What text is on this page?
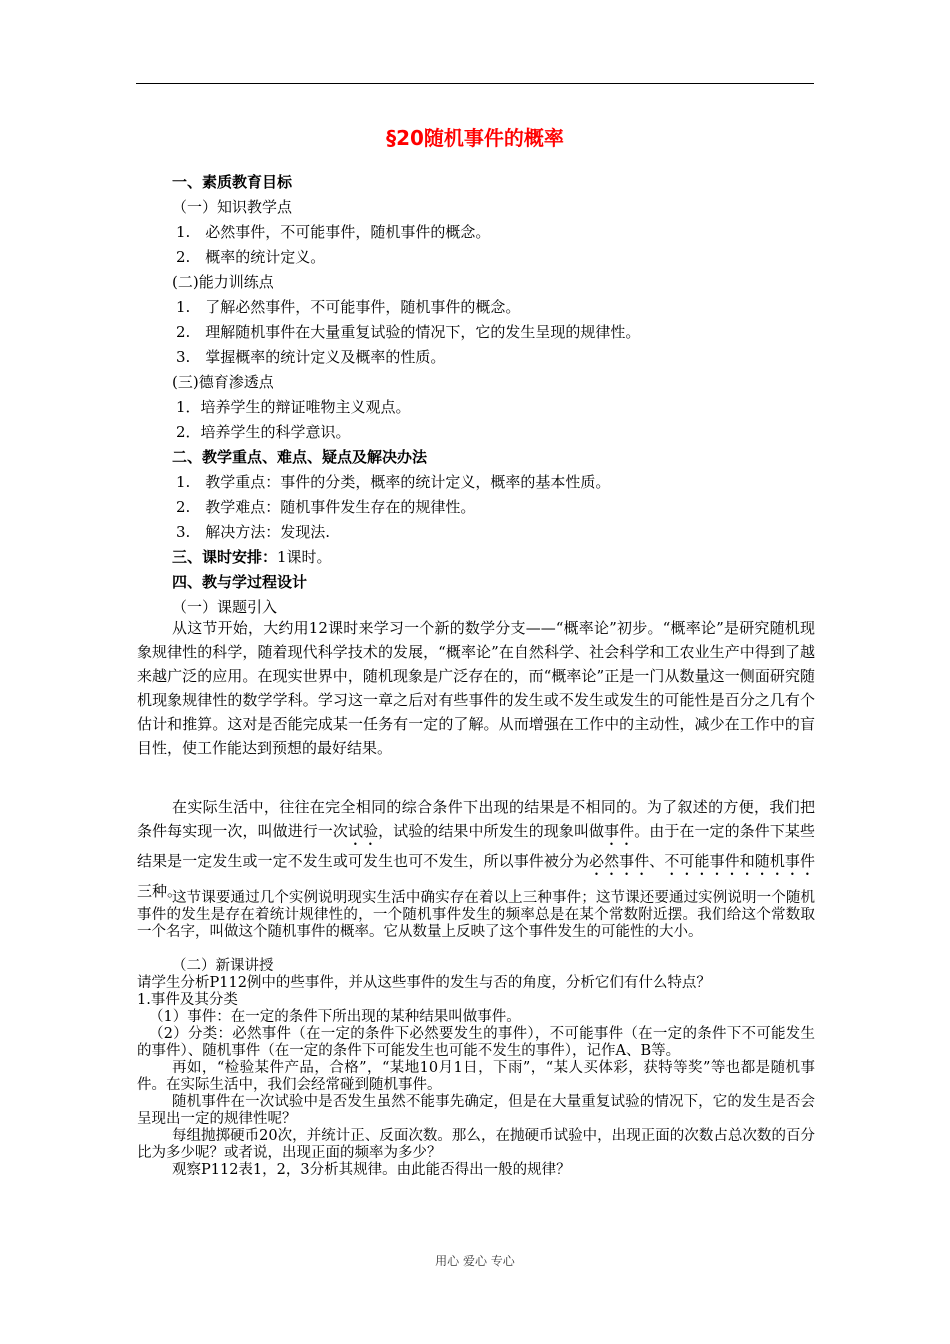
§20随机事件的概率
一、素质教育目标
（一）知识教学点
1.　必然事件，不可能事件，随机事件的概念。
2.　概率的统计定义。
(二)能力训练点
1.　了解必然事件，不可能事件，随机事件的概念。
2.　理解随机事件在大量重复试验的情况下，它的发生呈现的规律性。
3.　掌握概率的统计定义及概率的性质。
(三)德育渗透点
1．培养学生的辩证唯物主义观点。
2．培养学生的科学意识。
二、教学重点、难点、疑点及解决办法
1.　教学重点：事件的分类，概率的统计定义，概率的基本性质。
2.　教学难点：随机事件发生存在的规律性。
3.　解决方法：发现法.
三、课时安排：1课时。
四、教与学过程设计
（一）课题引入
从这节开始，大约用12课时来学习一个新的数学分支——“概率论”初步。“概率论”是研究随机现象规律性的科学，随着现代科学技术的发展，“概率论”在自然科学、社会科学和工农业生产中得到了越来越广泛的应用。在现实世界中，随机现象是广泛存在的，而“概率论”正是一门从数量这一侧面研究随机现象规律性的数学学科。学习这一章之后对有些事件的发生或不发生或发生的可能性是百分之几有个估计和推算。这对是否能完成某一任务有一定的了解。从而增强在工作中的主动性，减少在工作中的盲目性，使工作能达到预想的最好结果。
在实际生活中，往往在完全相同的综合条件下出现的结果是不相同的。为了叙述的方便，我们把条件每实现一次，叫做进行一次试验，试验的结果中所发生的现象叫做事件。由于在一定的条件下某些结果是一定发生或一定不发生或可发生也可不发生，所以事件被分为必然事件、不可能事件和随机事件三种。
这节课要通过几个实例说明现实生活中确实存在着以上三种事件；这节课还要通过实例说明一个随机事件的发生是存在着统计规律性的，一个随机事件发生的频率总是在某个常数附近摆。我们给这个常数取一个名字，叫做这个随机事件的概率。它从数量上反映了这个事件发生的可能性的大小。
（二）新课讲授
请学生分析P112例中的些事件，并从这些事件的发生与否的角度，分析它们有什么特点？
1.事件及其分类
（1）事件：在一定的条件下所出现的某种结果叫做事件。
（2）分类：必然事件（在一定的条件下必然要发生的事件），不可能事件（在一定的条件下不可能发生的事件）、随机事件（在一定的条件下可能发生也可能不发生的事件），记作A、B等。
再如，“检验某件产品，合格”，“某地10月1日，下雨”，“某人买体彩，获特等奖”等也都是随机事件。在实际生活中，我们会经常碰到随机事件。
随机事件在一次试验中是否发生虽然不能事先确定，但是在大量重复试验的情况下，它的发生是否会呈现出一定的规律性呢？
每组抛掷硬币20次，并统计正、反面次数。那么，在抛硬币试验中，出现正面的次数占总次数的百分比为多少呢？或者说，出现正面的频率为多少？
观察P112表1，2，3分析其规律。由此能否得出一般的规律？
用心 爱心 专心
